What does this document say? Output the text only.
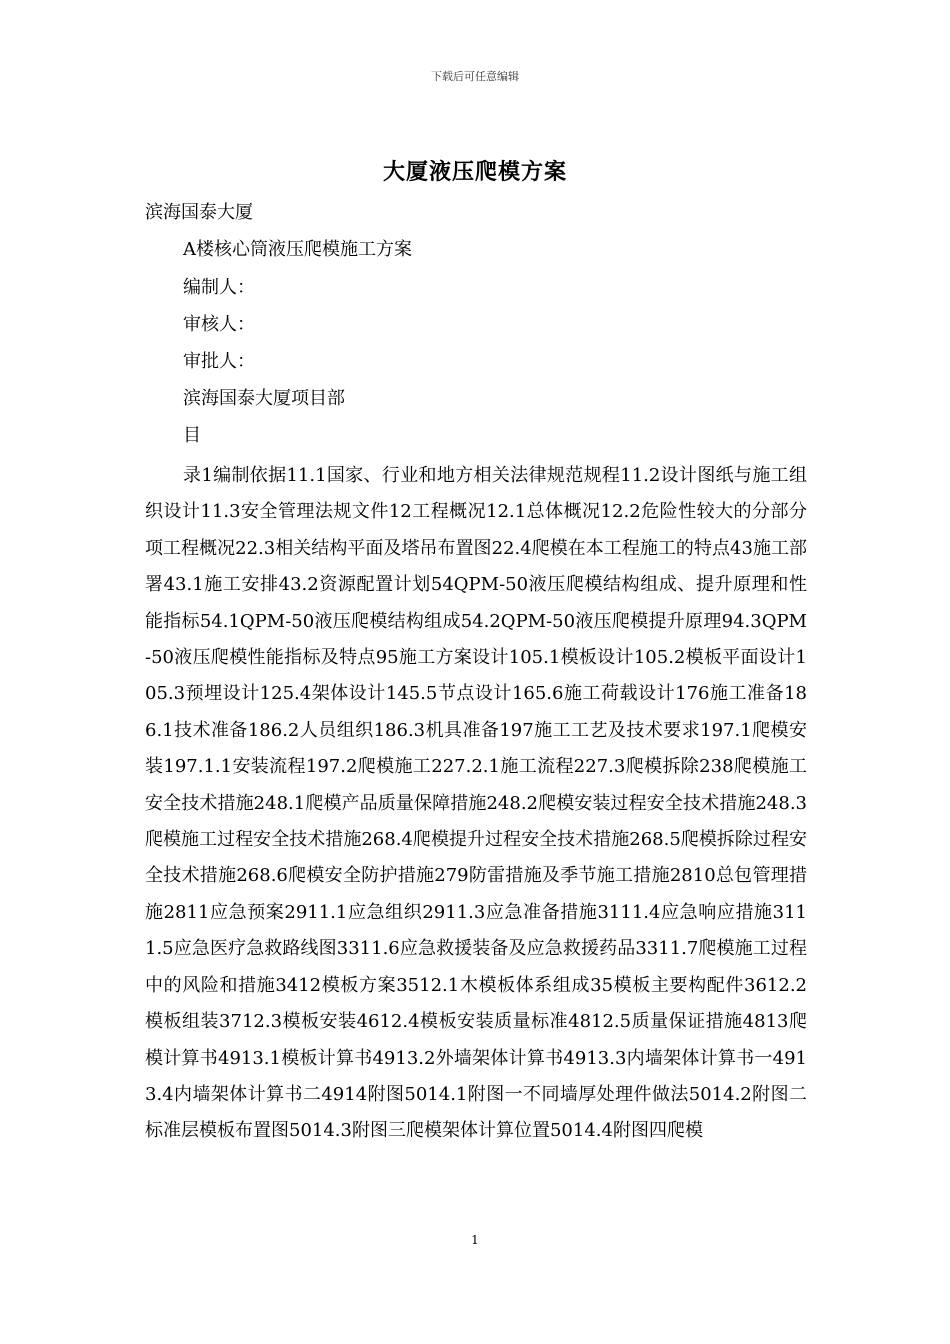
下载后可任意编辑
大厦液压爬模方案
滨海国泰大厦
A楼核心筒液压爬模施工方案
编制人：
审核人：
审批人：
滨海国泰大厦项目部
目
录1编制依据11.1国家、行业和地方相关法律规范规程11.2设计图纸与施工组织设计11.3安全管理法规文件12工程概况12.1总体概况12.2危险性较大的分部分项工程概况22.3相关结构平面及塔吊布置图22.4爬模在本工程施工的特点43施工部署43.1施工安排43.2资源配置计划54QPM-50液压爬模结构组成、提升原理和性能指标54.1QPM-50液压爬模结构组成54.2QPM-50液压爬模提升原理94.3QPM-50液压爬模性能指标及特点95施工方案设计105.1模板设计105.2模板平面设计105.3预埋设计125.4架体设计145.5节点设计165.6施工荷载设计176施工准备186.1技术准备186.2人员组织186.3机具准备197施工工艺及技术要求197.1爬模安装197.1.1安装流程197.2爬模施工227.2.1施工流程227.3爬模拆除238爬模施工安全技术措施248.1爬模产品质量保障措施248.2爬模安装过程安全技术措施248.3爬模施工过程安全技术措施268.4爬模提升过程安全技术措施268.5爬模拆除过程安全技术措施268.6爬模安全防护措施279防雷措施及季节施工措施2810总包管理措施2811应急预案2911.1应急组织2911.3应急准备措施3111.4应急响应措施3111.5应急医疗急救路线图3311.6应急救援装备及应急救援药品3311.7爬模施工过程中的风险和措施3412模板方案3512.1木模板体系组成35模板主要构配件3612.2模板组装3712.3模板安装4612.4模板安装质量标准4812.5质量保证措施4813爬模计算书4913.1模板计算书4913.2外墙架体计算书4913.3内墙架体计算书一4913.4内墙架体计算书二4914附图5014.1附图一不同墙厚处理件做法5014.2附图二标准层模板布置图5014.3附图三爬模架体计算位置5014.4附图四爬模
1
